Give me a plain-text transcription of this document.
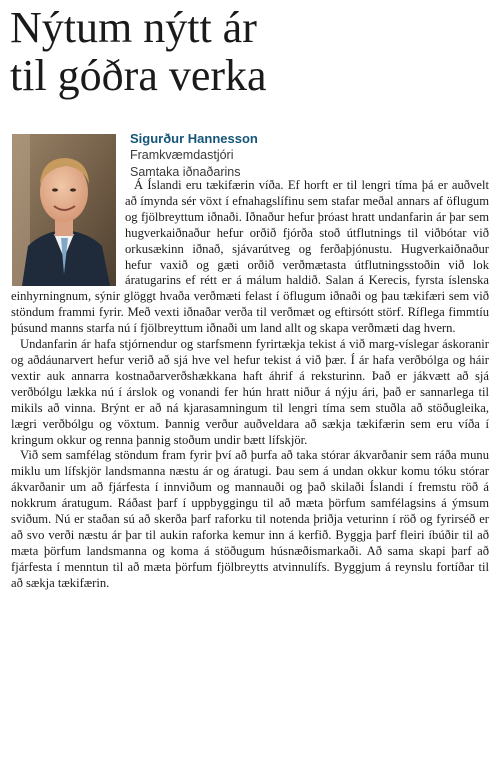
Nýtum nýtt ár
til góðra verka
Sigurður Hannesson
Framkvæmdastjóri
Samtaka iðnaðarins

Á Íslandi eru tækifærin víða. Ef horft er til lengri tíma þá er auðvelt að ímynda sér vöxt í efnahagslífinu sem stafar meðal annars af öflugum og fjölbreyttum iðnaði. Iðnaður hefur þróast hratt undanfarin ár þar sem hugverkaiðnaður hefur orðið fjórða stoð útflutnings til viðbótar við orkusækinn iðnað, sjávarútveg og ferðaþjónustu. Hugverkaiðnaður hefur vaxið og gæti orðið verðmætasta útflutningsstoðin við lok áratugarins ef rétt er á málum haldið. Salan á Kerecis, fyrsta íslenska einhyrningnum, sýnir glöggt hvaða verðmæti felast í öflugum iðnaði og þau tækifæri sem við stöndum frammi fyrir. Með vexti iðnaðar verða til verðmæt og eftirsótt störf. Ríflega fimmtíu þúsund manns starfa nú í fjölbreyttum iðnaði um land allt og skapa verðmæti dag hvern.

Undanfarin ár hafa stjórnendur og starfsmenn fyrirtækja tekist á við marg-víslegar áskoranir og aðdáunarvert hefur verið að sjá hve vel hefur tekist á við þær. Í ár hafa verðbólga og háir vextir auk annarra kostnaðarverðshækkana haft áhrif á reksturinn. Það er jákvætt að sjá verðbólgu lækka nú í árslok og vonandi fer hún hratt niður á nýju ári, það er sannarlega til mikils að vinna. Brýnt er að ná kjarasamningum til lengri tíma sem stuðla að stöðugleika, lægri verðbólgu og vöxtum. Þannig verður auðveldara að sækja tækifærin sem eru víða í kringum okkur og renna þannig stoðum undir bætt lífskjör.

Við sem samfélag stöndum fram fyrir því að þurfa að taka stórar ákvarðanir sem ráða munu miklu um lífskjör landsmanna næstu ár og áratugi. Þau sem á undan okkur komu tóku stórar ákvarðanir um að fjárfesta í innviðum og mannauði og það skilaði Íslandi í fremstu röð á nokkrum áratugum. Ráðast þarf í uppbyggingu til að mæta þörfum samfélagsins á ýmsum sviðum. Nú er staðan sú að skerða þarf raforku til notenda þriðja veturinn í röð og fyrirséð er að svo verði næstu ár þar til aukin raforka kemur inn á kerfið. Byggja þarf fleiri íbúðir til að mæta þörfum landsmanna og koma á stöðugum húsnæðismarkaði. Að sama skapi þarf að fjárfesta í menntun til að mæta þörfum fjölbreytts atvinnulífs. Byggjum á reynslu fortíðar til að sækja tækifærin.
